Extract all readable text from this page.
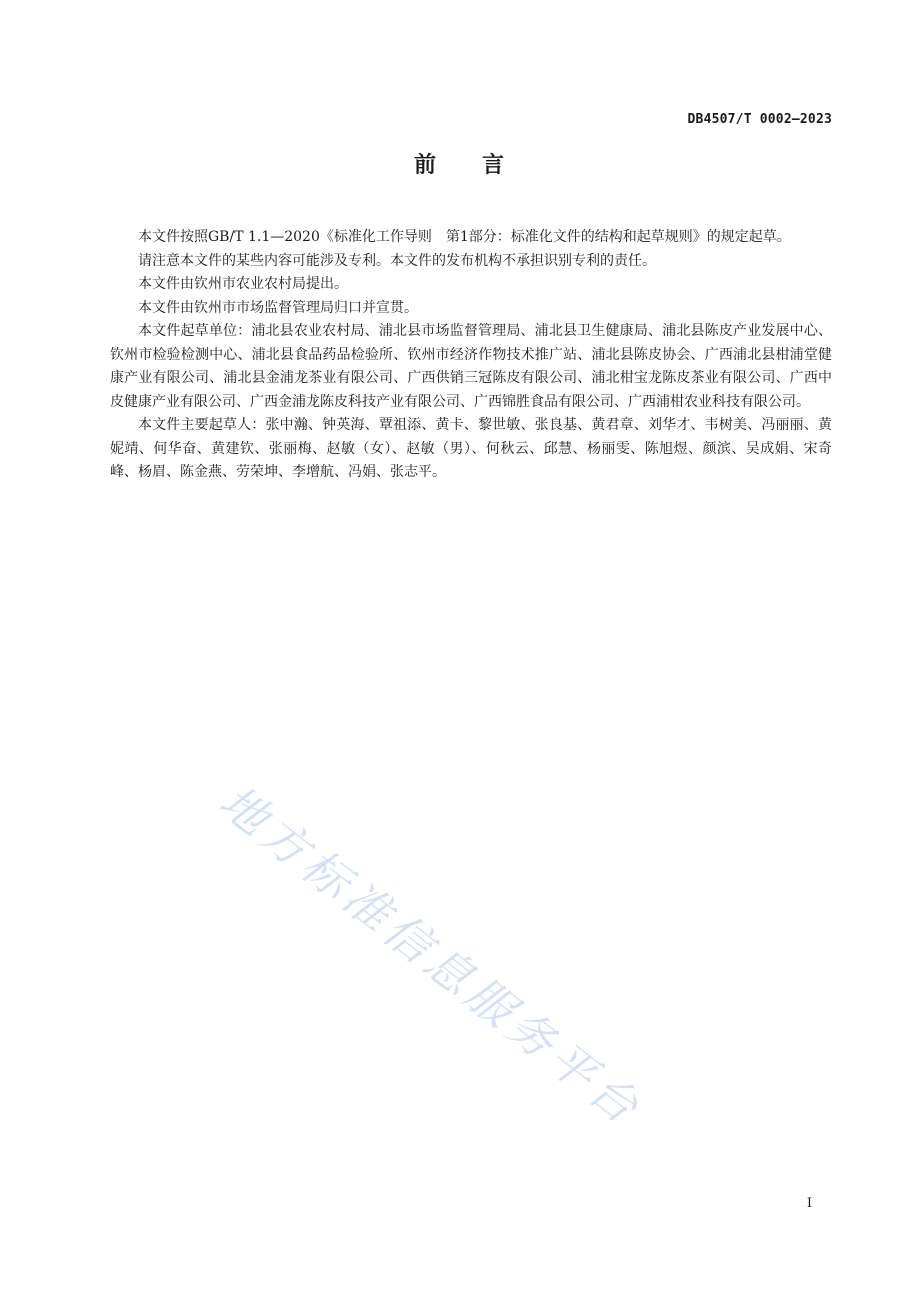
DB4507/T 0002—2023
前 言

本文件按照GB/T 1.1—2020《标准化工作导则　第1部分：标准化文件的结构和起草规则》的规定起草。

请注意本文件的某些内容可能涉及专利。本文件的发布机构不承担识别专利的责任。

本文件由钦州市农业农村局提出。

本文件由钦州市市场监督管理局归口并宣贯。

本文件起草单位：浦北县农业农村局、浦北县市场监督管理局、浦北县卫生健康局、浦北县陈皮产业发展中心、钦州市检验检测中心、浦北县食品药品检验所、钦州市经济作物技术推广站、浦北县陈皮协会、广西浦北县柑浦堂健康产业有限公司、浦北县金浦龙茶业有限公司、广西供销三冠陈皮有限公司、浦北柑宝龙陈皮茶业有限公司、广西中皮健康产业有限公司、广西金浦龙陈皮科技产业有限公司、广西锦胜食品有限公司、广西浦柑农业科技有限公司。

本文件主要起草人：张中瀚、钟英海、覃祖添、黄卡、黎世敏、张良基、黄君章、刘华才、韦树美、冯丽丽、黄妮靖、何华奋、黄建钦、张丽梅、赵敏（女）、赵敏（男）、何秋云、邱慧、杨丽雯、陈旭煜、颜滨、吴成娟、宋奇峰、杨眉、陈金燕、劳荣坤、李增航、冯娟、张志平。

地方标准信息服务平台
I
